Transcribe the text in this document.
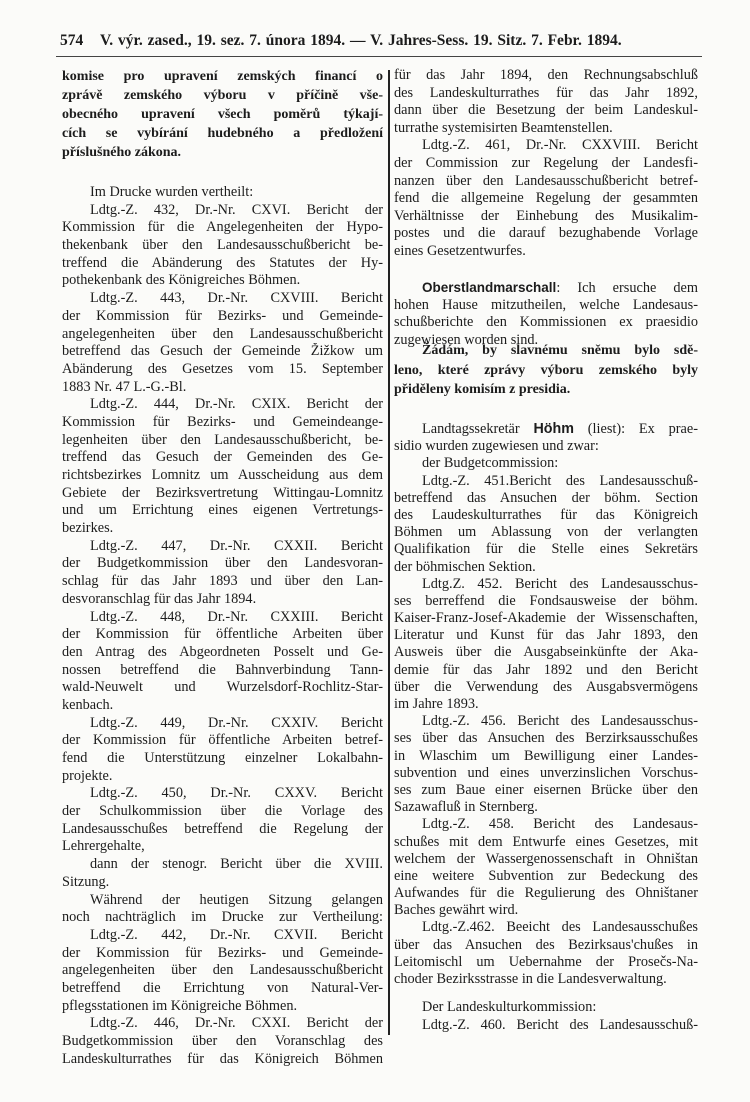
574 V. výr. zased., 19. sez. 7. února 1894. — V. Jahres-Sess. 19. Sitz. 7. Febr. 1894.
komise pro upravení zemských financí o
zprávě zemského výboru v příčině vše-
obecného upravení všech poměrů týkají-
cích se vybírání hudebného a předložení
příslušného zákona.
Im Drucke wurden vertheilt:
Ldtg.-Z. 432, Dr.-Nr. CXVI. Bericht der
Kommission für die Angelegenheiten der Hypo-
thekenbank über den Landesausschußbericht be-
treffend die Abänderung des Statutes der Hy-
pothekenbank des Königreiches Böhmen.
Ldtg.-Z. 443, Dr.-Nr. CXVIII. Bericht
der Kommission für Bezirks- und Gemeinde-
angelegenheiten über den Landesausschußbericht
betreffend das Gesuch der Gemeinde Žižkow um
Abänderung des Gesetzes vom 15. September
1883 Nr. 47 L.-G.-Bl.
Ldtg.-Z. 444, Dr.-Nr. CXIX. Bericht der
Kommission für Bezirks- und Gemeindeange-
legenheiten über den Landesausschußbericht, be-
treffend das Gesuch der Gemeinden des Ge-
richtsbezirkes Lomnitz um Ausscheidung aus dem
Gebiete der Bezirksvertretung Wittingau-Lomnitz
und um Errichtung eines eigenen Vertretungs-
bezirkes.
Ldtg.-Z. 447, Dr.-Nr. CXXII. Bericht
der Budgetkommission über den Landesvoran-
schlag für das Jahr 1893 und über den Lan-
desvoranschlag für das Jahr 1894.
Ldtg.-Z. 448, Dr.-Nr. CXXIII. Bericht
der Kommission für öffentliche Arbeiten über
den Antrag des Abgeordneten Posselt und Ge-
nossen betreffend die Bahnverbindung Tann-
wald-Neuwelt und Wurzelsdorf-Rochlitz-Star-
kenbach.
Ldtg.-Z. 449, Dr.-Nr. CXXIV. Bericht
der Kommission für öffentliche Arbeiten betref-
fend die Unterstützung einzelner Lokalbahn-
projekte.
Ldtg.-Z. 450, Dr.-Nr. CXXV. Bericht
der Schulkommission über die Vorlage des
Landesausschußes betreffend die Regelung der
Lehrergehalte,
dann der stenogr. Bericht über die XVIII.
Sitzung.
Während der heutigen Sitzung gelangen
noch nachträglich im Drucke zur Vertheilung:
Ldtg.-Z. 442, Dr.-Nr. CXVII. Bericht
der Kommission für Bezirks- und Gemeinde-
angelegenheiten über den Landesausschußbericht
betreffend die Errichtung von Natural-Ver-
pflegsstationen im Königreiche Böhmen.
Ldtg.-Z. 446, Dr.-Nr. CXXI. Bericht der
Budgetkommission über den Voranschlag des
Landeskulturrathes für das Königreich Böhmen
für das Jahr 1894, den Rechnungsabschluß
des Landeskulturrathes für das Jahr 1892,
dann über die Besetzung der beim Landeskul-
turrathe systemisirten Beamtenstellen.
Ldtg.-Z. 461, Dr.-Nr. CXXVIII. Bericht
der Commission zur Regelung der Landesfi-
nanzen über den Landesausschußbericht betref-
fend die allgemeine Regelung der gesammten
Verhältnisse der Einhebung des Musikalim-
postes und die darauf bezughabende Vorlage
eines Gesetzentwurfes.
Oberstlandmarschall: Ich ersuche dem
hohen Hause mitzutheilen, welche Landesaus-
schußberichte den Kommissionen ex praesidio
zugewiesen worden sind.
Žádám, by slavnému sněmu bylo sdě-
leno, které zprávy výboru zemského byly
přiděleny komisím z presidia.
Landtagssekretär Höhm (liest): Ex prae-
sidio wurden zugewiesen und zwar:
der Budgetcommission:
Ldtg.-Z. 451.Bericht des Landesausschuß-
betreffend das Ansuchen der böhm. Section
des Laudeskulturrathes für das Königreich
Böhmen um Ablassung von der verlangten
Qualifikation für die Stelle eines Sekretärs
der böhmischen Sektion.
Ldtg.Z. 452. Bericht des Landesausschus-
ses berreffend die Fondsausweise der böhm.
Kaiser-Franz-Josef-Akademie der Wissenschaften,
Literatur und Kunst für das Jahr 1893, den
Ausweis über die Ausgabseinkünfte der Aka-
demie für das Jahr 1892 und den Bericht
über die Verwendung des Ausgabsvermögens
im Jahre 1893.
Ldtg.-Z. 456. Bericht des Landesausschus-
ses über das Ansuchen des Berzirksausschußes
in Wlaschim um Bewilligung einer Landes-
subvention und eines unverzinslichen Vorschus-
ses zum Baue einer eisernen Brücke über den
Sazawafluß in Sternberg.
Ldtg.-Z. 458. Bericht des Landesaus-
schußes mit dem Entwurfe eines Gesetzes, mit
welchem der Wassergenossenschaft in Ohništan
eine weitere Subvention zur Bedeckung des
Aufwandes für die Regulierung des Ohništaner
Baches gewährt wird.
Ldtg.-Z.462. Beeicht des Landesausschußes
über das Ansuchen des Bezirksaus'chußes in
Leitomischl um Uebernahme der Prosečs-Na-
choder Bezirksstrasse in die Landesverwaltung.
Der Landeskulturkommission:
Ldtg.-Z. 460. Bericht des Landesausschuß-
